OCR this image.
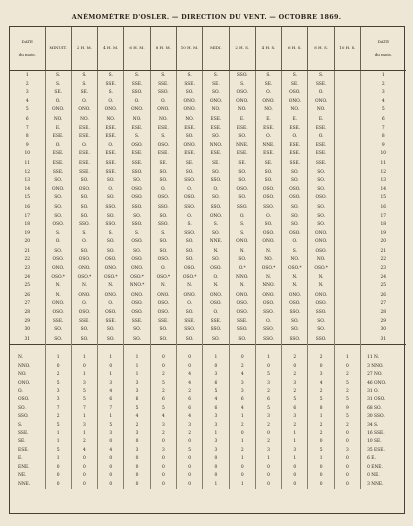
ANÉMOMÈTRE D'OSLER. — DIRECTION DU VENT. — OCTOBRE 1869.
DATE

du mois.	MINUIT.	2 H. M.	4 H. M.	6 H. M.	8 H. M.	10 H. M.	MIDI.	2 H. S.	4 H. S.	6 H. S.	8 H. S.	10 H. S.	DATE

du mois.
1	S.	S.	S.	S.	S.	S.	S.	SSO.	S.	S.	S.		1
2	S.	S.	SSE.	SSE.	SSE.	SSE.	SE.	S.	SE.	SE.	SSE.		2
3	SE.	SE.	S.	SSO.	SSO.	SO.	SO.	OSO.	O.	OSO.	O.		3
4	O.	O.	O.	O.	O.	ONO.	ONO.	ONO.	ONO.	ONO.	ONO.		4
5	ONO.	ONO.	ONO.	ONO.	ONO.	ONO.	NO.	NO.	NO.	NO.	NO.		5
6	NO.	NO.	NO.	NO.	NO.	NO.	ESE.	E.	E.	E.	E.		6
7	E.	ESE.	ESE.	ESE.	ESE.	ESE.	ESE.	ESE.	ESE.	ESE.	ESE.		7
8	ESE.	ESE.	ESE.	S.	S.	SO.	SO.	SO.	O.	O.	O.		8
9	O.	O.	O.	OSO.	OSO.	ONO.	NNO.	NNE.	NNE.	ESE.	ESE.		9
10	ESE.	ESE.	ESE.	ESE.	ESE.	ESE.	ESE.	ESE.	ESE.	ESE.	ESE.		10
11	ESE.	ESE.	SSE.	SSE.	SE.	SE.	SE.	SE.	SE.	SSE.	SSE.		11
12	SSE.	SSE.	SSE.	SSO.	SO.	SO.	SO.	SO.	SO.	SO.	SO.		12
13	SO.	SO.	SO.	SO.	SO.	SSO.	SSO.	SO.	SO.	SO.	SO.		13
14	ONO.	OSO.	O.	OSO.	O.	O.	O.	OSO.	OSO.	OSO.	SO.		14
15	SO.	SO.	SO.	OSO.	OSO.	OSO.	SO.	SO.	OSO.	OSO.	OSO.		15
16	SO.	SO.	SSO.	SSO.	SSO.	SSO.	SSO.	SSO.	SSO.	SO.	SO.		16
17	SO.	SO.	SO.	SO.	SO.	O.	ONO.	O.	O.	SO.	SO.		17
18	OSO.	SSO.	SSO.	SSO.	SSO.	S.	S.	S.	SO.	SO.	SO.		18
19	S.	S.	S.	S.	S.	SSO.	SO.	S.	OSO.	OSO.	ONO.		19
20	O.	O.	SO.	OSO.	SO.	SO.	NNE.	ONO.	ONO.	O.	ONO.		20
21	SO.	SO.	SO.	SO.	SO.	SO.	N.	N.	N.	S.	OSO.		21
22	OSO.	OSO.	OSO.	OSO.	OSO.	SO.	SO.	SO.	NO.	NO.	NO.		22
23	ONO.	ONO.	ONO.	ONO.	O.	OSO.	OSO.	O.*	OSO.*	OSO.*	OSO.*		23
24	OSO.*	OSO.*	OSO.*	OSO.*	OSO.*	OSO.*	O.	NNO.	N.	N.	N.		24
25	N.	N.	N.	NNO.*	N.	N.	N.	N.	NNO.	N.	N.		25
26	N.	ONO.	ONO.	ONO.	ONO.	ONO.	ONO.	ONO.	ONO.	ONO.	ONO.		26
27	ONO.	O.	O.	OSO.	OSO.	O.	OSO.	OSO.	OSO.	OSO.	OSO.		27
28	OSO.	OSO.	OSO.	OSO.	OSO.	SO.	O.	OSO.	SSO.	SSO.	SSO.		28
29	SSE.	SSE.	SSE.	SSE.	SSE.	SSE.	SSE.	SSE.	O.	SO.	SO.		29
30	SO.	SO.	SO.	SO.	SO.	SSO.	SSO.	SSO.	SSO.	SO.	SO.		30
31	SO.	SO.	SO.	SO.	SO.	SO.	SO.	SO.	SSO.	SSO.	SSO.		31
N.	1	1	1	1	0	0	1	0	1	2	2	1	11 N.
NNO.	0	0	0	1	0	0	0	2	0	0	0	0	3 NNO.
NO.	2	1	1	1	2	4	3	4	5	2	3	2	27 NO.
ONO.	5	3	3	3	5	4	6	3	3	3	4	5	46 ONO.
O.	3	5	4	3	2	2	5	3	2	2	2	2	31 O.
OSO.	3	5	6	6	6	6	4	6	6	5	5	5	31 OSO.
SO.	7	7	7	5	5	6	6	4	5	6	8	9	68 SO.
SSO.	2	1	1	4	4	4	3	1	3	3	1	5	30 SSO.
S.	5	3	5	2	3	3	3	2	2	2	2	2	34 S.
SSE.	1	1	3	3	2	2	1	0	0	1	2	0	16 SSE.
SE.	1	2	0	0	0	0	3	1	2	1	0	0	10 SE.
ESE.	5	4	4	3	3	5	3	2	3	3	5	3	35 ESE.
E.	1	0	0	0	0	0	0	1	1	1	1	0	6 E.
ENE.	0	0	0	0	0	0	0	0	0	0	0	0	0 ENE.
NE.	0	0	0	0	0	0	0	0	0	0	0	0	0 NE.
NNE.	0	0	0	0	0	0	1	1	0	0	0	0	3 NNE.
